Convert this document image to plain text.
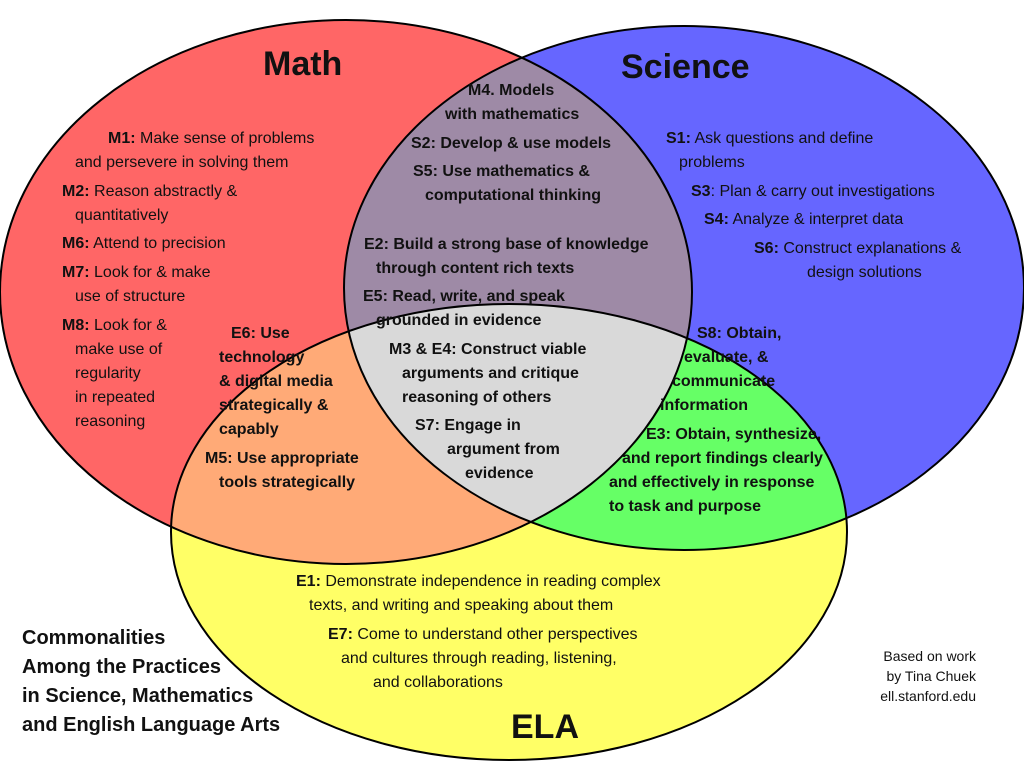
Math	Science
ELA
M1: Make sense of problems
and persevere in solving them
M2: Reason abstractly &
quantitatively
M6: Attend to precision
M7: Look for & make
use of structure
M8: Look for &
make use of
regularity
in repeated
reasoning
M4. Models
with mathematics
S2: Develop & use models
S5: Use mathematics &
computational thinking
S1: Ask questions and define
problems
S3: Plan & carry out investigations
S4: Analyze & interpret data
S6: Construct explanations &
design solutions
E6: Use
technology
& digital media
strategically &
capably
M5: Use appropriate
tools strategically
E2: Build a strong base of knowledge
through content rich texts
E5: Read, write, and speak
grounded in evidence
M3 & E4: Construct viable
arguments and critique
reasoning of others
S7: Engage in
argument from
evidence
S8: Obtain,
evaluate, &
communicate
information
E3: Obtain, synthesize,
and report findings clearly
and effectively in response
to task and purpose
E1: Demonstrate independence in reading complex
texts, and writing and speaking about them
E7: Come to understand other perspectives
and cultures through reading, listening,
and collaborations
Commonalities
Among the Practices
in Science, Mathematics
and English Language Arts
Based on work
by Tina Chuek
ell.stanford.edu
